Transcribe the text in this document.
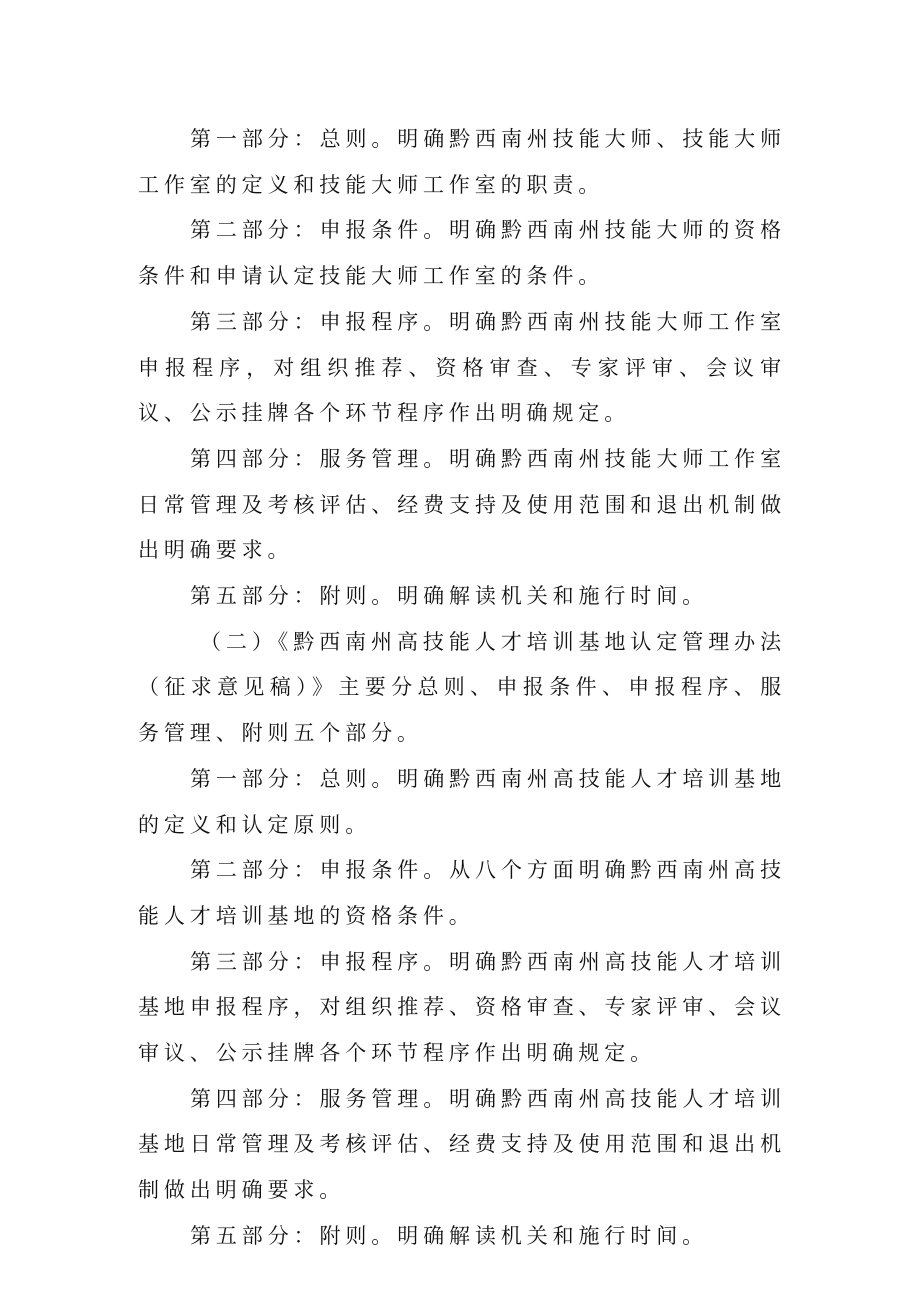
第一部分：总则。明确黔西南州技能大师、技能大师工作室的定义和技能大师工作室的职责。

第二部分：申报条件。明确黔西南州技能大师的资格条件和申请认定技能大师工作室的条件。

第三部分：申报程序。明确黔西南州技能大师工作室申报程序，对组织推荐、资格审查、专家评审、会议审议、公示挂牌各个环节程序作出明确规定。

第四部分：服务管理。明确黔西南州技能大师工作室日常管理及考核评估、经费支持及使用范围和退出机制做出明确要求。

第五部分：附则。明确解读机关和施行时间。

（二）《黔西南州高技能人才培训基地认定管理办法（征求意见稿）》主要分总则、申报条件、申报程序、服务管理、附则五个部分。

第一部分：总则。明确黔西南州高技能人才培训基地的定义和认定原则。

第二部分：申报条件。从八个方面明确黔西南州高技能人才培训基地的资格条件。

第三部分：申报程序。明确黔西南州高技能人才培训基地申报程序，对组织推荐、资格审查、专家评审、会议审议、公示挂牌各个环节程序作出明确规定。

第四部分：服务管理。明确黔西南州高技能人才培训基地日常管理及考核评估、经费支持及使用范围和退出机制做出明确要求。

第五部分：附则。明确解读机关和施行时间。
